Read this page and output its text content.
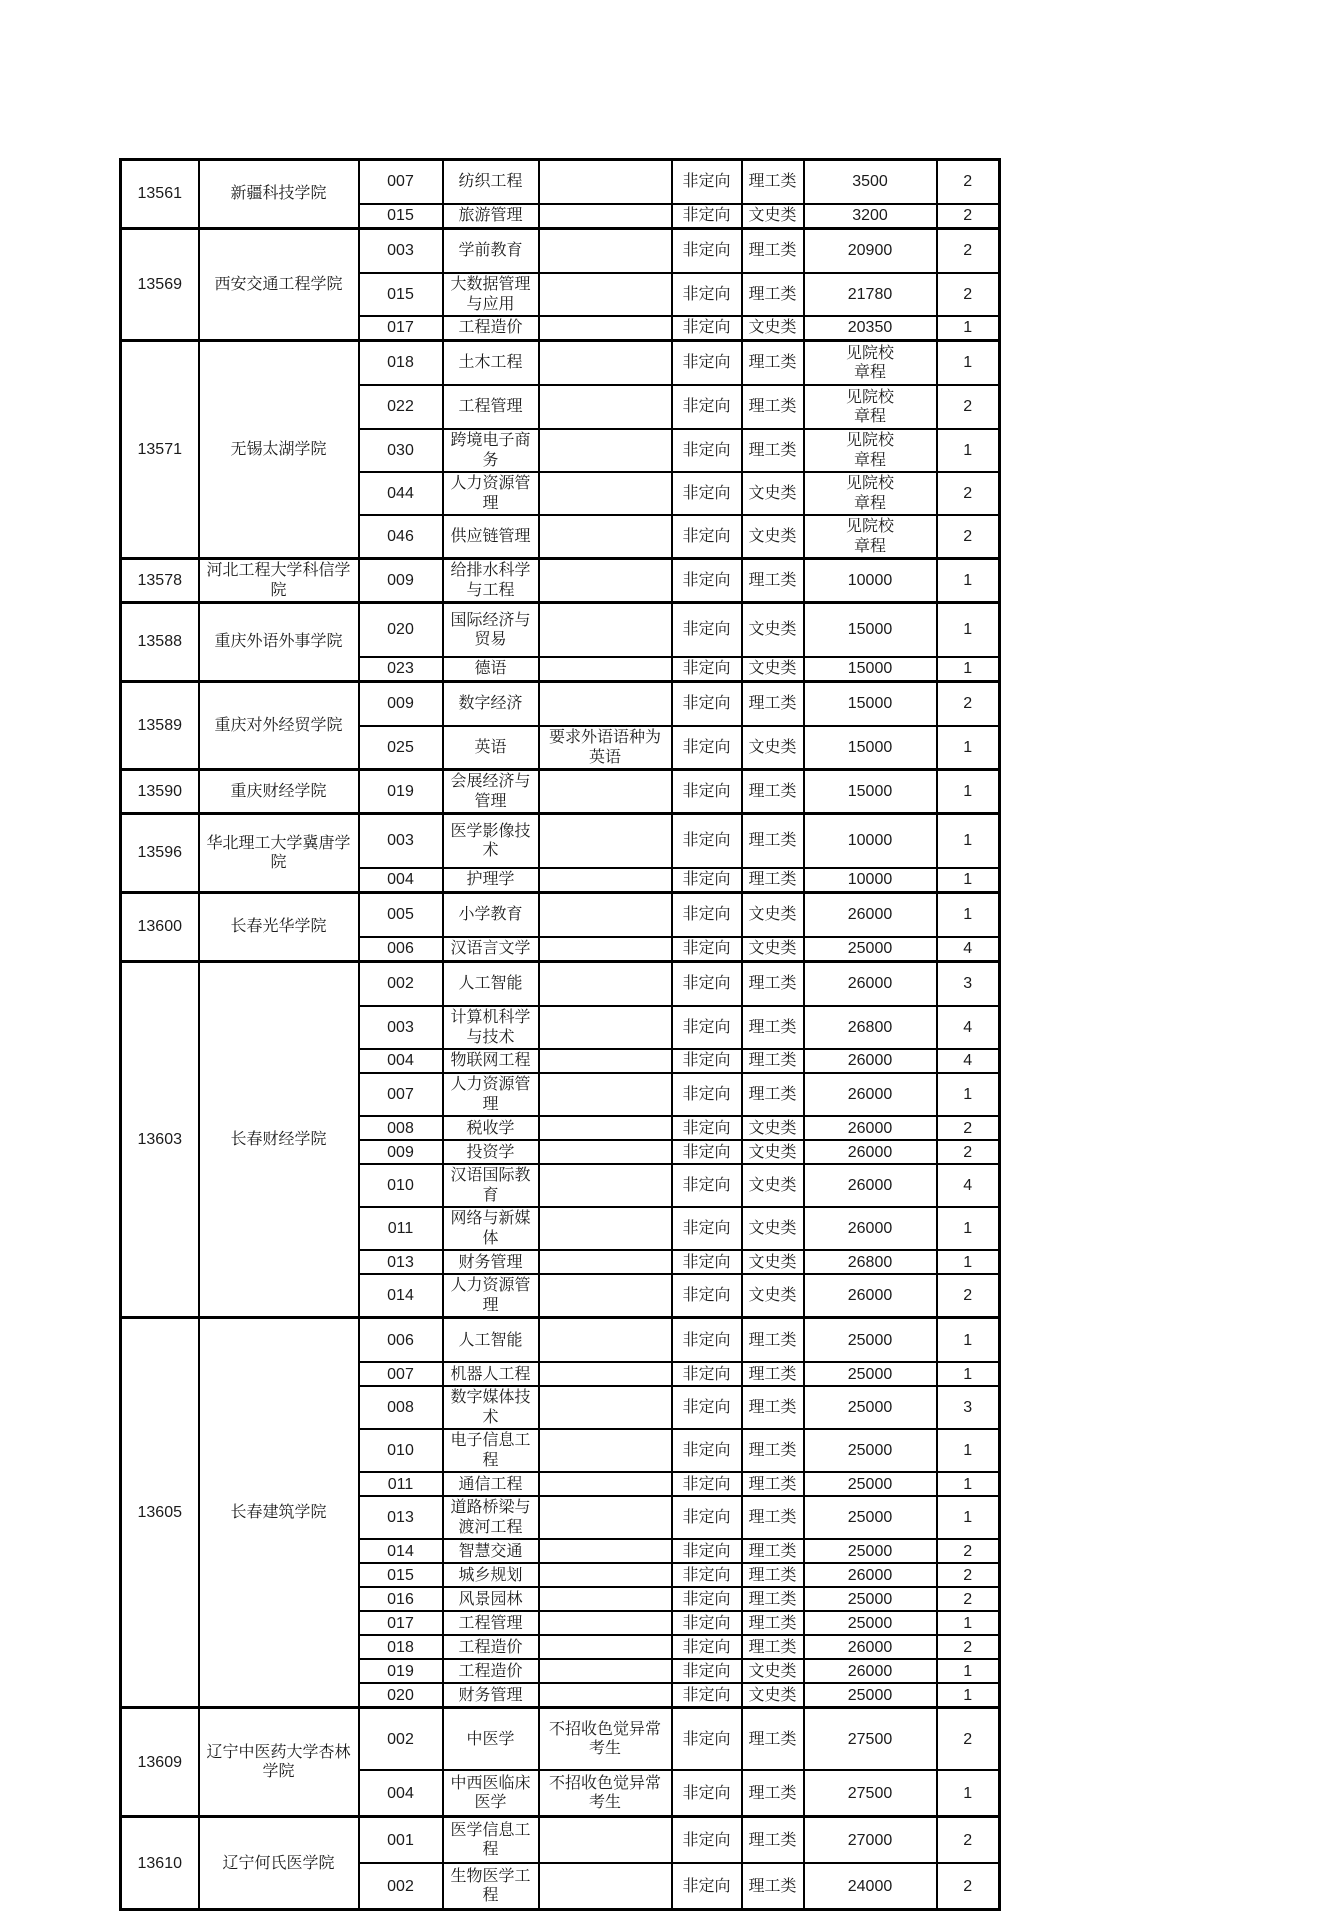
13561	新疆科技学院	007	纺织工程		非定向	理工类	3500	2
		015	旅游管理		非定向	文史类	3200	2
13569	西安交通工程学院	003	学前教育		非定向	理工类	20900	2
		015	大数据管理与应用		非定向	理工类	21780	2
		017	工程造价		非定向	文史类	20350	1
13571	无锡太湖学院	018	土木工程		非定向	理工类	见院校章程	1
		022	工程管理		非定向	理工类	见院校章程	2
		030	跨境电子商务		非定向	理工类	见院校章程	1
		044	人力资源管理		非定向	文史类	见院校章程	2
		046	供应链管理		非定向	文史类	见院校章程	2
13578	河北工程大学科信学院	009	给排水科学与工程		非定向	理工类	10000	1
13588	重庆外语外事学院	020	国际经济与贸易		非定向	文史类	15000	1
		023	德语		非定向	文史类	15000	1
13589	重庆对外经贸学院	009	数字经济		非定向	理工类	15000	2
		025	英语	要求外语语种为英语	非定向	文史类	15000	1
13590	重庆财经学院	019	会展经济与管理		非定向	理工类	15000	1
13596	华北理工大学冀唐学院	003	医学影像技术		非定向	理工类	10000	1
		004	护理学		非定向	理工类	10000	1
13600	长春光华学院	005	小学教育		非定向	文史类	26000	1
		006	汉语言文学		非定向	文史类	25000	4
13603	长春财经学院	002	人工智能		非定向	理工类	26000	3
		003	计算机科学与技术		非定向	理工类	26800	4
		004	物联网工程		非定向	理工类	26000	4
		007	人力资源管理		非定向	理工类	26000	1
		008	税收学		非定向	文史类	26000	2
		009	投资学		非定向	文史类	26000	2
		010	汉语国际教育		非定向	文史类	26000	4
		011	网络与新媒体		非定向	文史类	26000	1
		013	财务管理		非定向	文史类	26800	1
		014	人力资源管理		非定向	文史类	26000	2
13605	长春建筑学院	006	人工智能		非定向	理工类	25000	1
		007	机器人工程		非定向	理工类	25000	1
		008	数字媒体技术		非定向	理工类	25000	3
		010	电子信息工程		非定向	理工类	25000	1
		011	通信工程		非定向	理工类	25000	1
		013	道路桥梁与渡河工程		非定向	理工类	25000	1
		014	智慧交通		非定向	理工类	25000	2
		015	城乡规划		非定向	理工类	26000	2
		016	风景园林		非定向	理工类	25000	2
		017	工程管理		非定向	理工类	25000	1
		018	工程造价		非定向	理工类	26000	2
		019	工程造价		非定向	文史类	26000	1
		020	财务管理		非定向	文史类	25000	1
13609	辽宁中医药大学杏林学院	002	中医学	不招收色觉异常考生	非定向	理工类	27500	2
		004	中西医临床医学	不招收色觉异常考生	非定向	理工类	27500	1
13610	辽宁何氏医学院	001	医学信息工程		非定向	理工类	27000	2
		002	生物医学工程		非定向	理工类	24000	2
